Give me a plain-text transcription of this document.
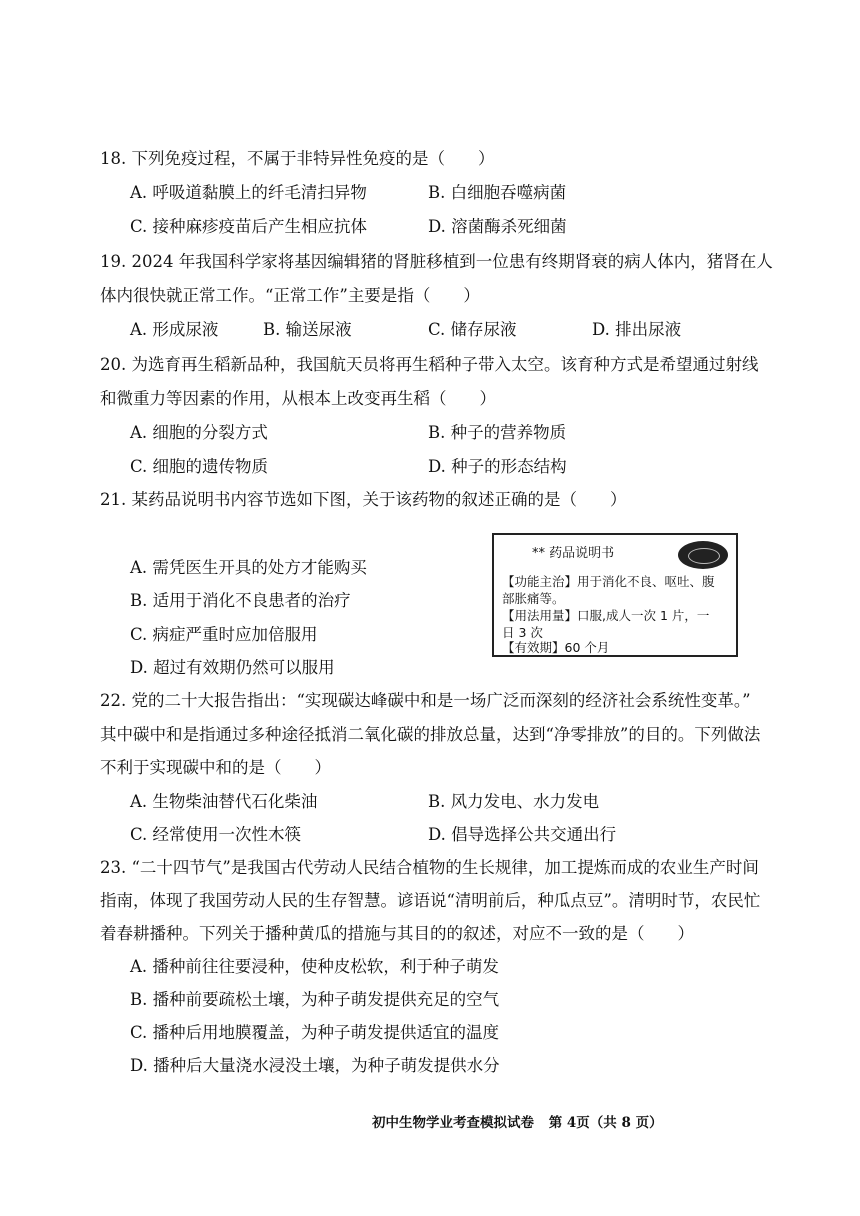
18. 下列免疫过程，不属于非特异性免疫的是（　　）
A. 呼吸道黏膜上的纤毛清扫异物	B. 白细胞吞噬病菌
C. 接种麻疹疫苗后产生相应抗体	D. 溶菌酶杀死细菌
19. 2024 年我国科学家将基因编辑猪的肾脏移植到一位患有终期肾衰的病人体内，猪肾在人
体内很快就正常工作。“正常工作”主要是指（　　）
A. 形成尿液	B. 输送尿液	C. 储存尿液	D. 排出尿液
20. 为选育再生稻新品种，我国航天员将再生稻种子带入太空。该育种方式是希望通过射线
和微重力等因素的作用，从根本上改变再生稻（　　）
A. 细胞的分裂方式	B. 种子的营养物质
C. 细胞的遗传物质	D. 种子的形态结构
21. 某药品说明书内容节选如下图，关于该药物的叙述正确的是（　　）
A. 需凭医生开具的处方才能购买
B. 适用于消化不良患者的治疗
C. 病症严重时应加倍服用
D. 超过有效期仍然可以服用
** 药品说明书
【功能主治】用于消化不良、呕吐、腹
部胀痛等。
【用法用量】口服,成人一次 1 片，一
日 3 次
【有效期】60 个月
22. 党的二十大报告指出：“实现碳达峰碳中和是一场广泛而深刻的经济社会系统性变革。”
其中碳中和是指通过多种途径抵消二氧化碳的排放总量，达到“净零排放”的目的。下列做法
不利于实现碳中和的是（　　）
A. 生物柴油替代石化柴油	B. 风力发电、水力发电
C. 经常使用一次性木筷	D. 倡导选择公共交通出行
23. “二十四节气”是我国古代劳动人民结合植物的生长规律，加工提炼而成的农业生产时间
指南，体现了我国劳动人民的生存智慧。谚语说“清明前后，种瓜点豆”。清明时节，农民忙
着春耕播种。下列关于播种黄瓜的措施与其目的的叙述，对应不一致的是（　　）
A. 播种前往往要浸种，使种皮松软，利于种子萌发
B. 播种前要疏松土壤，为种子萌发提供充足的空气
C. 播种后用地膜覆盖，为种子萌发提供适宜的温度
D. 播种后大量浇水浸没土壤，为种子萌发提供水分
初中生物学业考查模拟试卷 第 4页（共 8 页）
